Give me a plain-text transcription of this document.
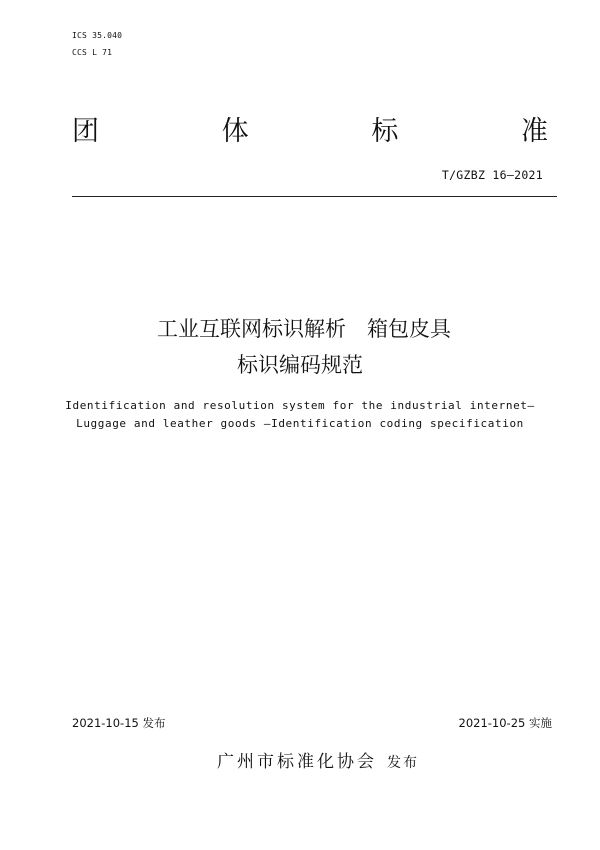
ICS 35.040
CCS L 71
团	体	标	准
T/GZBZ 16—2021
工业互联网标识解析　箱包皮具
标识编码规范
Identification and resolution system for the industrial internet—
Luggage and leather goods —Identification coding specification
2021-10-15 发布	2021-10-25 实施
广州市标准化协会 发布
